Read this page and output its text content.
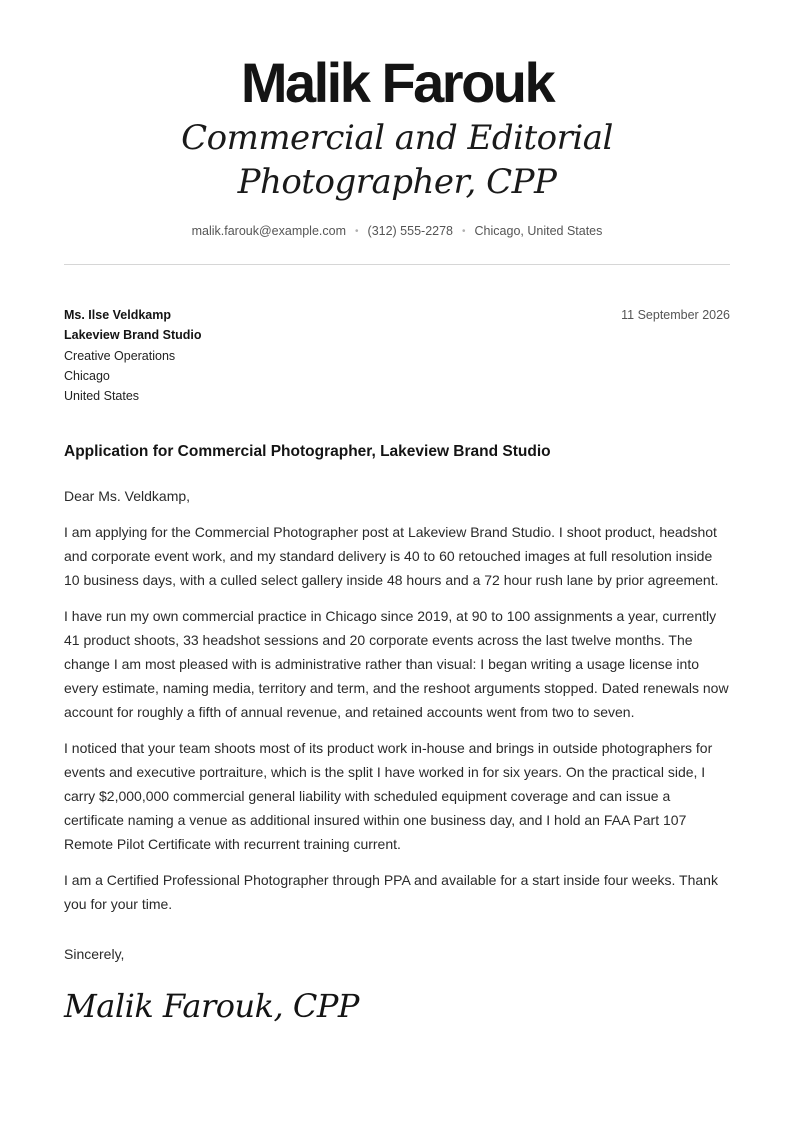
Malik Farouk
Commercial and Editorial Photographer, CPP
malik.farouk@example.com • (312) 555-2278 • Chicago, United States
Ms. Ilse Veldkamp
Lakeview Brand Studio
Creative Operations
Chicago
United States
11 September 2026
Application for Commercial Photographer, Lakeview Brand Studio

Dear Ms. Veldkamp,

I am applying for the Commercial Photographer post at Lakeview Brand Studio. I shoot product, headshot and corporate event work, and my standard delivery is 40 to 60 retouched images at full resolution inside 10 business days, with a culled select gallery inside 48 hours and a 72 hour rush lane by prior agreement.

I have run my own commercial practice in Chicago since 2019, at 90 to 100 assignments a year, currently 41 product shoots, 33 headshot sessions and 20 corporate events across the last twelve months. The change I am most pleased with is administrative rather than visual: I began writing a usage license into every estimate, naming media, territory and term, and the reshoot arguments stopped. Dated renewals now account for roughly a fifth of annual revenue, and retained accounts went from two to seven.

I noticed that your team shoots most of its product work in-house and brings in outside photographers for events and executive portraiture, which is the split I have worked in for six years. On the practical side, I carry $2,000,000 commercial general liability with scheduled equipment coverage and can issue a certificate naming a venue as additional insured within one business day, and I hold an FAA Part 107 Remote Pilot Certificate with recurrent training current.

I am a Certified Professional Photographer through PPA and available for a start inside four weeks. Thank you for your time.

Sincerely,
Malik Farouk, CPP
